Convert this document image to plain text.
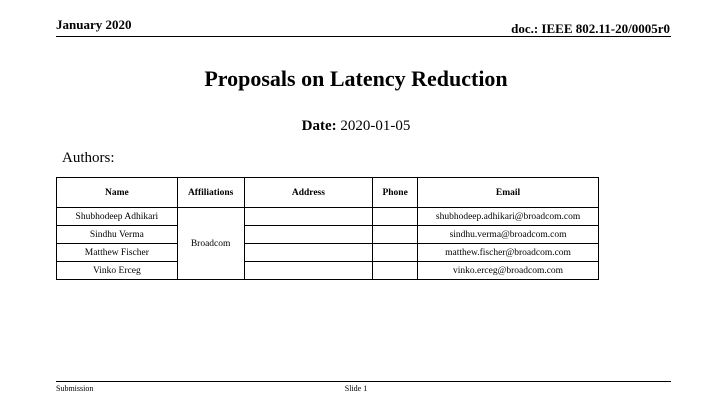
January 2020	doc.: IEEE 802.11-20/0005r0
Proposals on Latency Reduction
Date: 2020-01-05
Authors:
Name	Affiliations	Address	Phone	Email
Shubhodeep Adhikari	Broadcom			shubhodeep.adhikari@broadcom.com
Sindhu Verma				sindhu.verma@broadcom.com
Matthew Fischer				matthew.fischer@broadcom.com
Vinko Erceg				vinko.erceg@broadcom.com
Submission	Slide 1
